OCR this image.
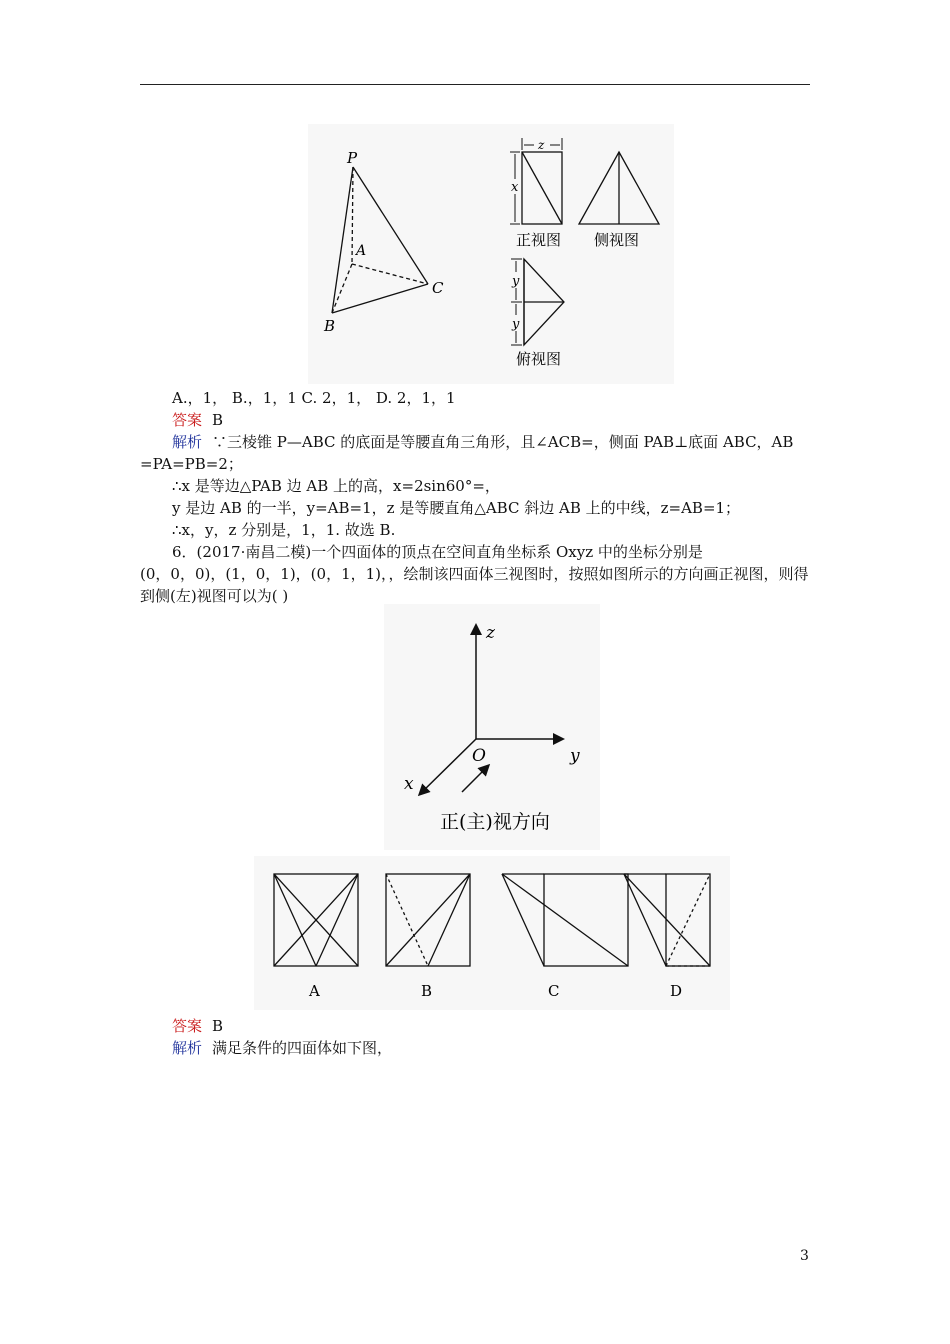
P
A
B
C
z
x
正视图 侧视图
y
y
俯视图
A.，1， B.，1，1 C. 2，1， D. 2，1，1
答案 B
解析 ∵三棱锥 P—ABC 的底面是等腰直角三角形，且∠ACB=，侧面 PAB⊥底面 ABC，AB
=PA=PB=2；
∴x 是等边△PAB 边 AB 上的高，x=2sin60°=，
y 是边 AB 的一半，y=AB=1，z 是等腰直角△ABC 斜边 AB 上的中线，z=AB=1；
∴x，y，z 分别是，1，1. 故选 B.
6．(2017·南昌二模)一个四面体的顶点在空间直角坐标系 Oxyz 中的坐标分别是
(0，0，0)，(1，0，1)，(0，1，1)，，绘制该四面体三视图时，按照如图所示的方向画正视图，则得
到侧(左)视图可以为( )
z
y
x
O
正(主)视方向
A	B	C	D
答案 B
解析 满足条件的四面体如下图，
3
